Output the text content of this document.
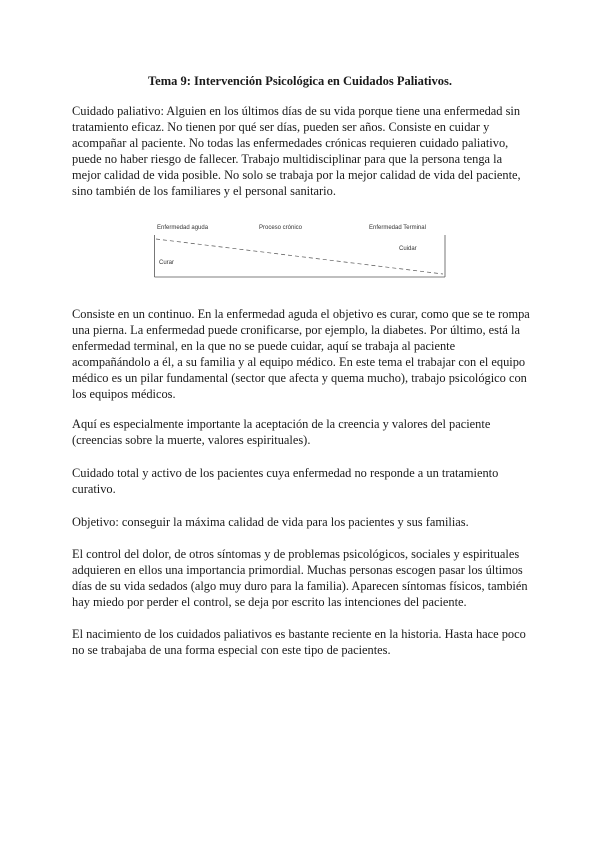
Tema 9: Intervención Psicológica en Cuidados Paliativos.

Cuidado paliativo: Alguien en los últimos días de su vida porque tiene una enfermedad sin tratamiento eficaz. No tienen por qué ser días, pueden ser años. Consiste en cuidar y acompañar al paciente. No todas las enfermedades crónicas requieren cuidado paliativo, puede no haber riesgo de fallecer. Trabajo multidisciplinar para que la persona tenga la mejor calidad de vida posible. No solo se trabaja por la mejor calidad de vida del paciente, sino también de los familiares y el personal sanitario.

Enfermedad aguda	Proceso crónico	Enfermedad Terminal
Cuidar
Curar

Consiste en un continuo. En la enfermedad aguda el objetivo es curar, como que se te rompa una pierna. La enfermedad puede cronificarse, por ejemplo, la diabetes. Por último, está la enfermedad terminal, en la que no se puede cuidar, aquí se trabaja al paciente acompañándolo a él, a su familia y al equipo médico. En este tema el trabajar con el equipo médico es un pilar fundamental (sector que afecta y quema mucho), trabajo psicológico con los equipos médicos.

Aquí es especialmente importante la aceptación de la creencia y valores del paciente (creencias sobre la muerte, valores espirituales).

Cuidado total y activo de los pacientes cuya enfermedad no responde a un tratamiento curativo.

Objetivo: conseguir la máxima calidad de vida para los pacientes y sus familias.

El control del dolor, de otros síntomas y de problemas psicológicos, sociales y espirituales adquieren en ellos una importancia primordial. Muchas personas escogen pasar los últimos días de su vida sedados (algo muy duro para la familia). Aparecen síntomas físicos, también hay miedo por perder el control, se deja por escrito las intenciones del paciente.

El nacimiento de los cuidados paliativos es bastante reciente en la historia. Hasta hace poco no se trabajaba de una forma especial con este tipo de pacientes.
